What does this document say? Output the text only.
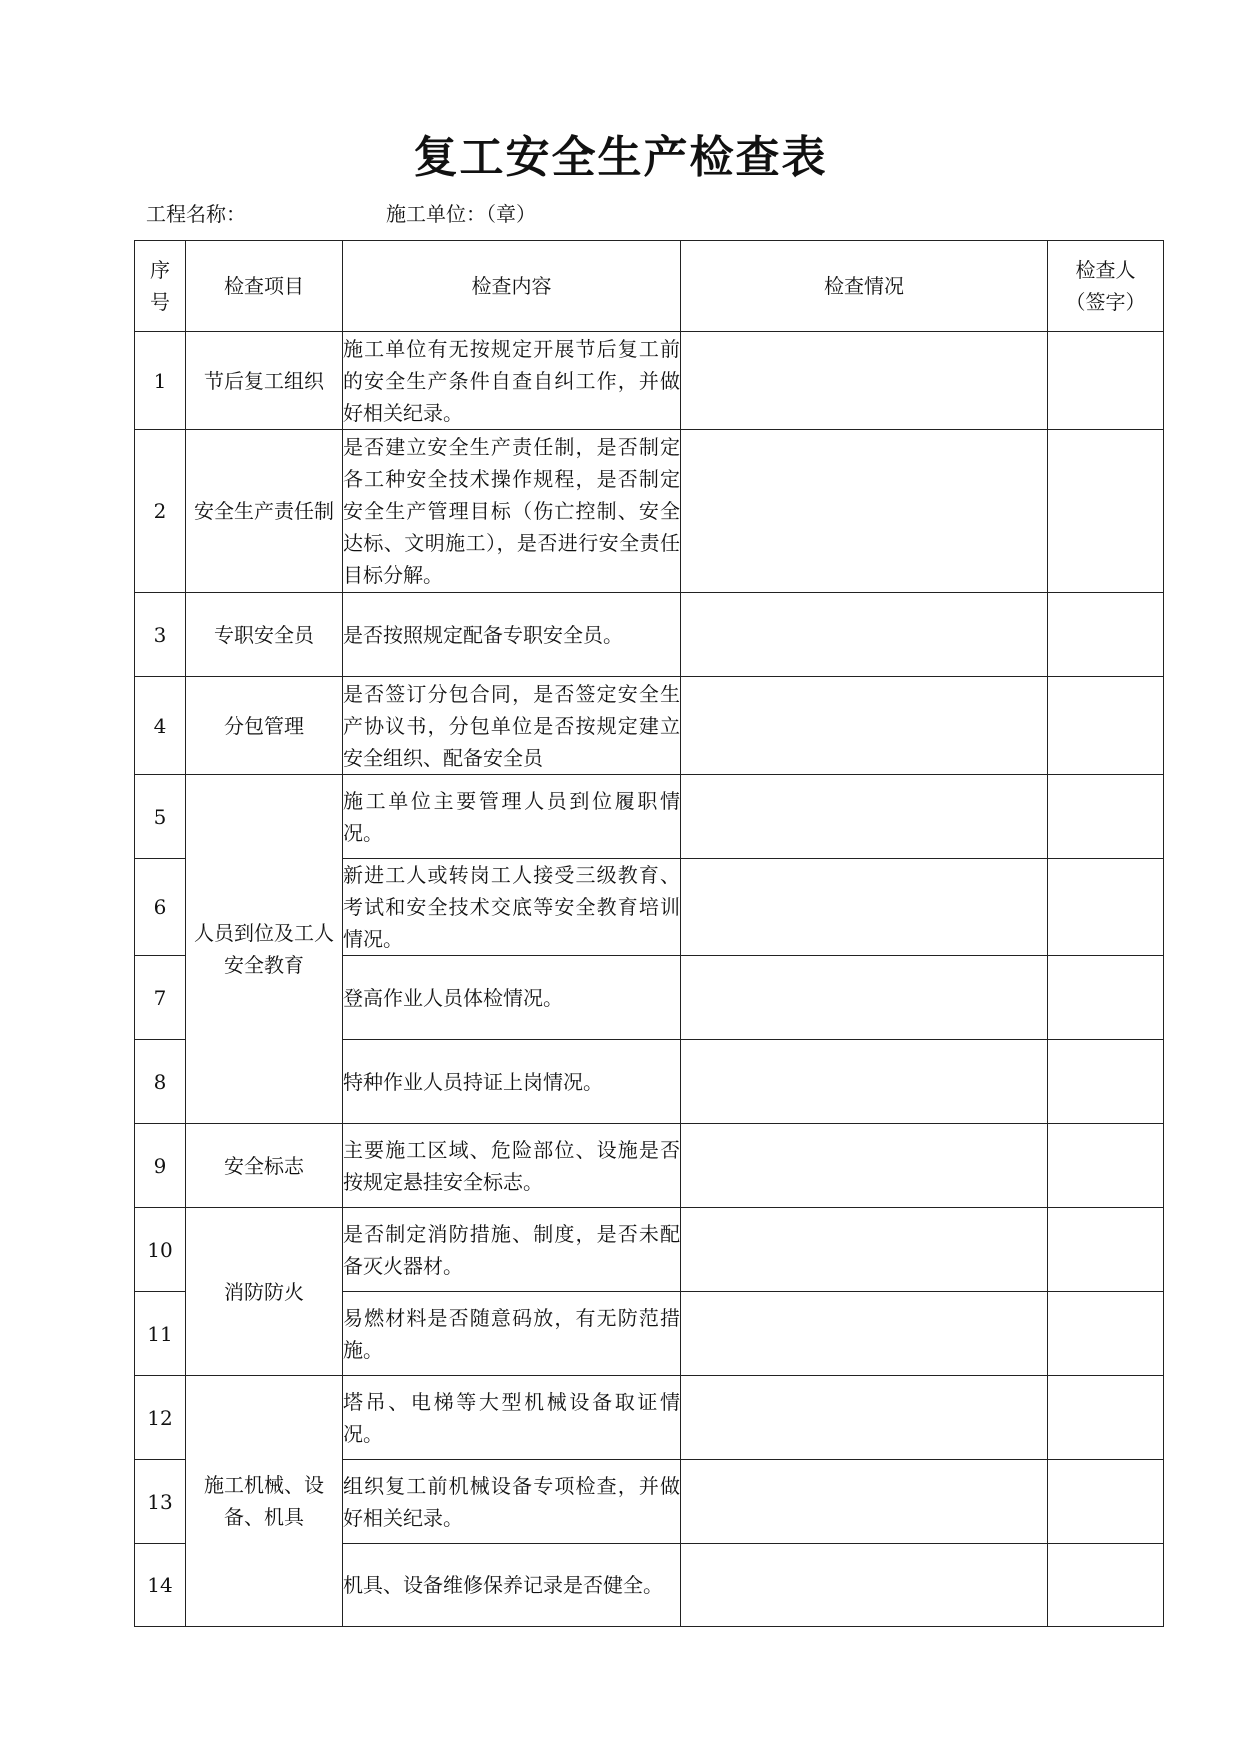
复工安全生产检查表
工程名称：	施工单位：（章）
序号	检查项目	检查内容	检查情况	检查人（签字）

1	节后复工组织	施工单位有无按规定开展节后复工前的安全生产条件自查自纠工作，并做好相关纪录。		
2	安全生产责任制	是否建立安全生产责任制，是否制定各工种安全技术操作规程，是否制定安全生产管理目标（伤亡控制、安全达标、文明施工），是否进行安全责任目标分解。		
3	专职安全员	是否按照规定配备专职安全员。		
4	分包管理	是否签订分包合同，是否签定安全生产协议书，分包单位是否按规定建立安全组织、配备安全员		
5	人员到位及工人安全教育	施工单位主要管理人员到位履职情况。		
6		新进工人或转岗工人接受三级教育、考试和安全技术交底等安全教育培训情况。		
7		登高作业人员体检情况。		
8		特种作业人员持证上岗情况。		
9	安全标志	主要施工区域、危险部位、设施是否按规定悬挂安全标志。		
10	消防防火	是否制定消防措施、制度，是否未配备灭火器材。		
11		易燃材料是否随意码放，有无防范措施。		
12	施工机械、设备、机具	塔吊、电梯等大型机械设备取证情况。		
13		组织复工前机械设备专项检查，并做好相关纪录。		
14		机具、设备维修保养记录是否健全。		
